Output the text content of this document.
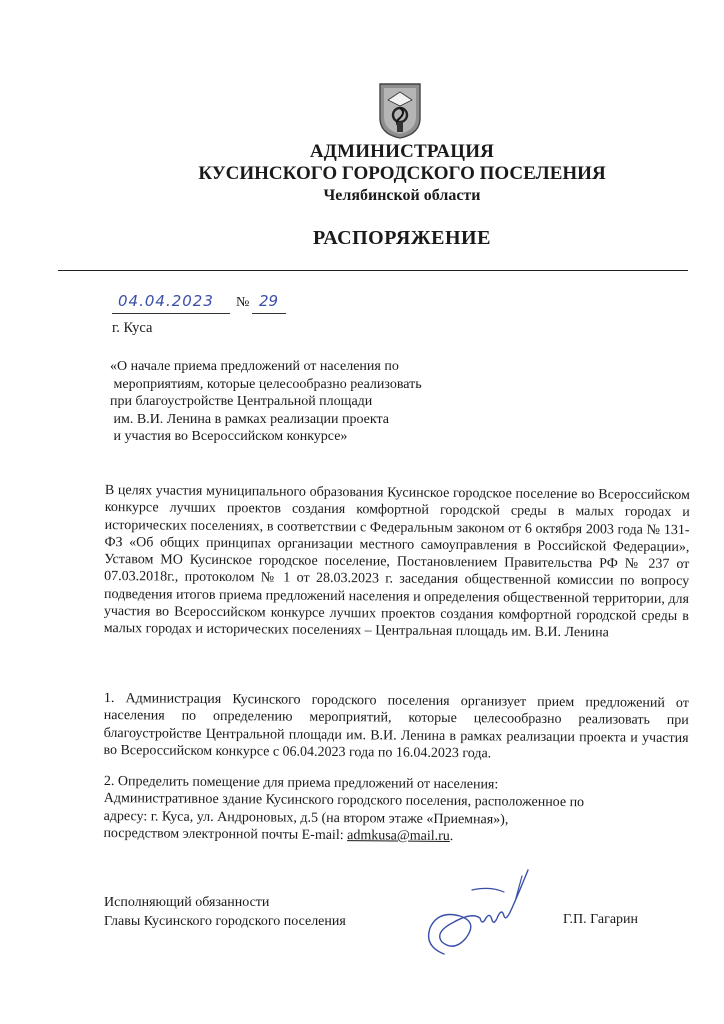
АДМИНИСТРАЦИЯ
КУСИНСКОГО ГОРОДСКОГО ПОСЕЛЕНИЯ
Челябинской области
РАСПОРЯЖЕНИЕ
04.04.2023 № 29
г. Куса
«О начале приема предложений от населения по
мероприятиям, которые целесообразно реализовать
при благоустройстве Центральной площади
им. В.И. Ленина в рамках реализации проекта
и участия во Всероссийском конкурсе»
В целях участия муниципального образования Кусинское городское поселение во Всероссийском конкурсе лучших проектов создания комфортной городской среды в малых городах и исторических поселениях, в соответствии с Федеральным законом от 6 октября 2003 года № 131-ФЗ «Об общих принципах организации местного самоуправления в Российской Федерации», Уставом МО Кусинское городское поселение, Постановлением Правительства РФ № 237 от 07.03.2018г., протоколом № 1 от 28.03.2023 г. заседания общественной комиссии по вопросу подведения итогов приема предложений населения и определения общественной территории, для участия во Всероссийском конкурсе лучших проектов создания комфортной городской среды в малых городах и исторических поселениях – Центральная площадь им. В.И. Ленина
1. Администрация Кусинского городского поселения организует прием предложений от населения по определению мероприятий, которые целесообразно реализовать при благоустройстве Центральной площади им. В.И. Ленина в рамках реализации проекта и участия во Всероссийском конкурсе с 06.04.2023 года по 16.04.2023 года.
2. Определить помещение для приема предложений от населения:
Административное здание Кусинского городского поселения, расположенное по
адресу: г. Куса, ул. Андроновых, д.5 (на втором этаже «Приемная»),
посредством электронной почты E-mail: admkusa@mail.ru.
Исполняющий обязанности
Главы Кусинского городского поселения	Г.П. Гагарин
